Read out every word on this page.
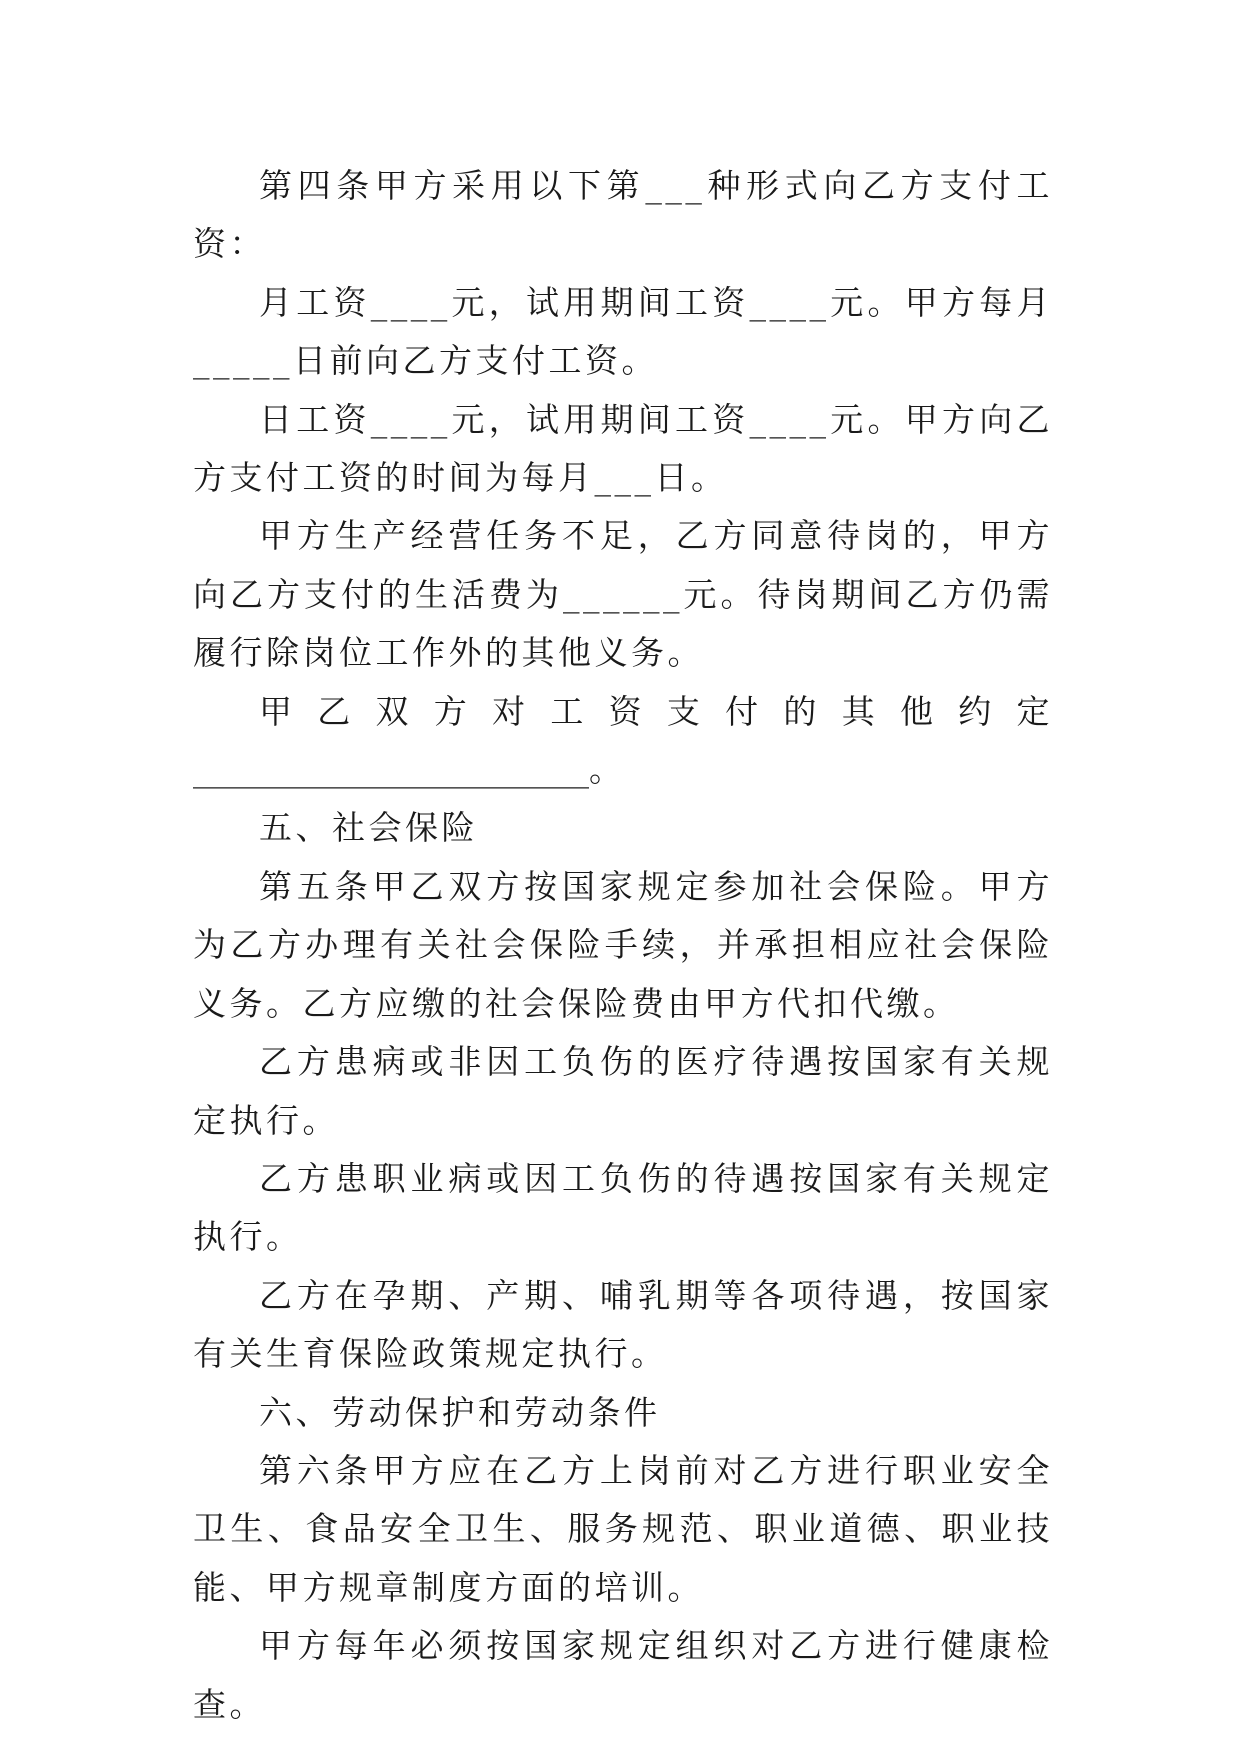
第四条甲方采用以下第___种形式向乙方支付工资：

月工资____元，试用期间工资____元。甲方每月_____日前向乙方支付工资。

日工资____元，试用期间工资____元。甲方向乙方支付工资的时间为每月___日。

甲方生产经营任务不足，乙方同意待岗的，甲方向乙方支付的生活费为______元。待岗期间乙方仍需履行除岗位工作外的其他义务。

甲乙双方对工资支付的其他约定

________________________。

五、社会保险

第五条甲乙双方按国家规定参加社会保险。甲方为乙方办理有关社会保险手续，并承担相应社会保险义务。乙方应缴的社会保险费由甲方代扣代缴。

乙方患病或非因工负伤的医疗待遇按国家有关规定执行。

乙方患职业病或因工负伤的待遇按国家有关规定执行。

乙方在孕期、产期、哺乳期等各项待遇，按国家有关生育保险政策规定执行。

六、劳动保护和劳动条件

第六条甲方应在乙方上岗前对乙方进行职业安全卫生、食品安全卫生、服务规范、职业道德、职业技能、甲方规章制度方面的培训。

甲方每年必须按国家规定组织对乙方进行健康检查。
